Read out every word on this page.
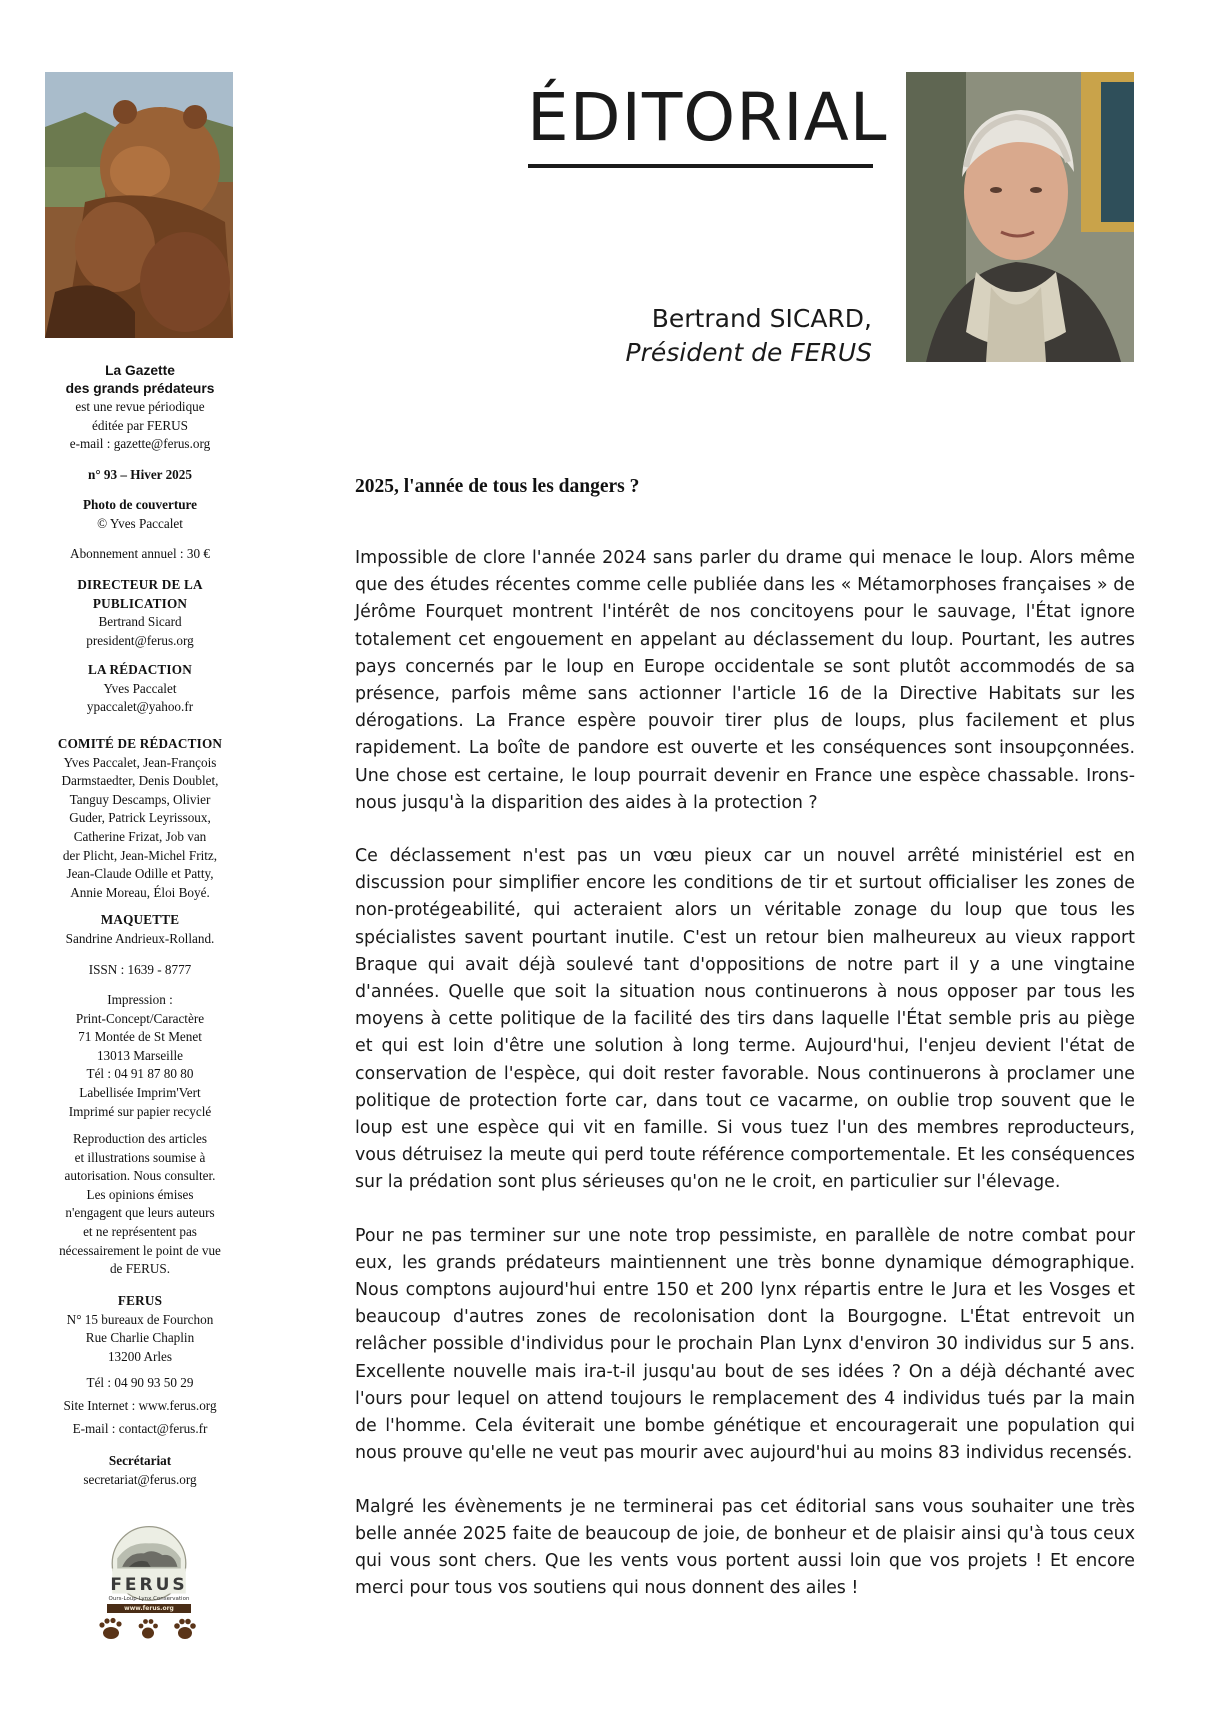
La Gazette
des grands prédateurs
est une revue périodique
éditée par FERUS
e-mail : gazette@ferus.org
n° 93 – Hiver 2025
Photo de couverture
© Yves Paccalet
Abonnement annuel : 30 €
DIRECTEUR DE LA
PUBLICATION
Bertrand Sicard
president@ferus.org
LA RÉDACTION
Yves Paccalet
ypaccalet@yahoo.fr
COMITÉ DE RÉDACTION
Yves Paccalet, Jean-François
Darmstaedter, Denis Doublet,
Tanguy Descamps, Olivier
Guder, Patrick Leyrissoux,
Catherine Frizat, Job van
der Plicht, Jean-Michel Fritz,
Jean-Claude Odille et Patty,
Annie Moreau, Éloi Boyé.
MAQUETTE
Sandrine Andrieux-Rolland.
ISSN : 1639 - 8777
Impression :
Print-Concept/Caractère
71 Montée de St Menet
13013 Marseille
Tél : 04 91 87 80 80
Labellisée Imprim'Vert
Imprimé sur papier recyclé
Reproduction des articles
et illustrations soumise à
autorisation. Nous consulter.
Les opinions émises
n'engagent que leurs auteurs
et ne représentent pas
nécessairement le point de vue
de FERUS.
FERUS
N° 15 bureaux de Fourchon
Rue Charlie Chaplin
13200 Arles
Tél : 04 90 93 50 29
Site Internet : www.ferus.org
E-mail : contact@ferus.fr
Secrétariat
secretariat@ferus.org
FERUS
Ours-Loup-Lynx Conservation
www.ferus.org
ÉDITORIAL
Bertrand SICARD,
Président de FERUS
2025, l'année de tous les dangers ?

Impossible de clore l'année 2024 sans parler du drame qui menace le loup. Alors même que des études récentes comme celle publiée dans les « Métamorphoses françaises » de Jérôme Fourquet montrent l'intérêt de nos concitoyens pour le sauvage, l'État ignore totalement cet engouement en appelant au déclassement du loup. Pourtant, les autres pays concernés par le loup en Europe occidentale se sont plutôt accommodés de sa présence, parfois même sans actionner l'article 16 de la Directive Habitats sur les dérogations. La France espère pouvoir tirer plus de loups, plus facilement et plus rapidement. La boîte de pandore est ouverte et les conséquences sont insoupçonnées. Une chose est certaine, le loup pourrait devenir en France une espèce chassable. Irons-nous jusqu'à la disparition des aides à la protection ?

Ce déclassement n'est pas un vœu pieux car un nouvel arrêté ministériel est en discussion pour simplifier encore les conditions de tir et surtout officialiser les zones de non-protégeabilité, qui acteraient alors un véritable zonage du loup que tous les spécialistes savent pourtant inutile. C'est un retour bien malheureux au vieux rapport Braque qui avait déjà soulevé tant d'oppositions de notre part il y a une vingtaine d'années. Quelle que soit la situation nous continuerons à nous opposer par tous les moyens à cette politique de la facilité des tirs dans laquelle l'État semble pris au piège et qui est loin d'être une solution à long terme. Aujourd'hui, l'enjeu devient l'état de conservation de l'espèce, qui doit rester favorable. Nous continuerons à proclamer une politique de protection forte car, dans tout ce vacarme, on oublie trop souvent que le loup est une espèce qui vit en famille. Si vous tuez l'un des membres reproducteurs, vous détruisez la meute qui perd toute référence comportementale. Et les conséquences sur la prédation sont plus sérieuses qu'on ne le croit, en particulier sur l'élevage.

Pour ne pas terminer sur une note trop pessimiste, en parallèle de notre combat pour eux, les grands prédateurs maintiennent une très bonne dynamique démographique. Nous comptons aujourd'hui entre 150 et 200 lynx répartis entre le Jura et les Vosges et beaucoup d'autres zones de recolonisation dont la Bourgogne. L'État entrevoit un relâcher possible d'individus pour le prochain Plan Lynx d'environ 30 individus sur 5 ans. Excellente nouvelle mais ira-t-il jusqu'au bout de ses idées ? On a déjà déchanté avec l'ours pour lequel on attend toujours le remplacement des 4 individus tués par la main de l'homme. Cela éviterait une bombe génétique et encouragerait une population qui nous prouve qu'elle ne veut pas mourir avec aujourd'hui au moins 83 individus recensés.

Malgré les évènements je ne terminerai pas cet éditorial sans vous souhaiter une très belle année 2025 faite de beaucoup de joie, de bonheur et de plaisir ainsi qu'à tous ceux qui vous sont chers. Que les vents vous portent aussi loin que vos projets ! Et encore merci pour tous vos soutiens qui nous donnent des ailes !
